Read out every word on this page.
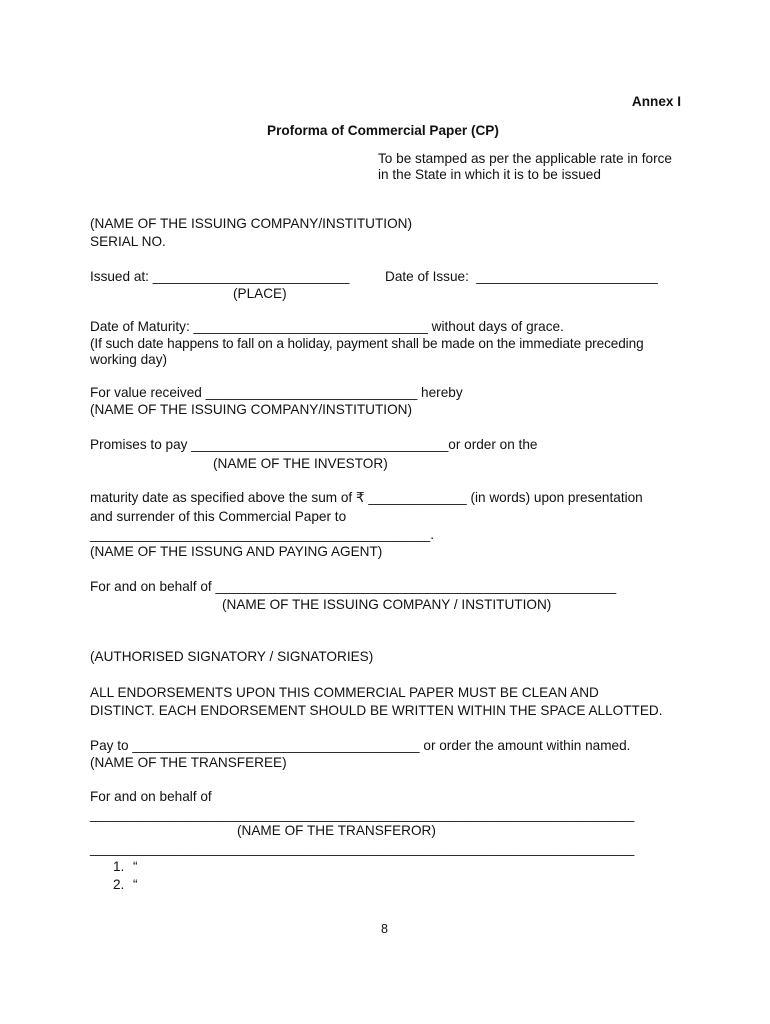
Annex I
Proforma of Commercial Paper (CP)
To be stamped as per the applicable rate in force
in the State in which it is to be issued
(NAME OF THE ISSUING COMPANY/INSTITUTION)
SERIAL NO.
Issued at: __________________________	Date of Issue:  ________________________
(PLACE)
Date of Maturity: _______________________________ without days of grace.
(If such date happens to fall on a holiday, payment shall be made on the immediate preceding
working day)
For value received ____________________________ hereby
(NAME OF THE ISSUING COMPANY/INSTITUTION)
Promises to pay __________________________________or order on the
(NAME OF THE INVESTOR)
maturity date as specified above the sum of ₹ _____________ (in words) upon presentation
and surrender of this Commercial Paper to
_____________________________________________.
(NAME OF THE ISSUNG AND PAYING AGENT)
For and on behalf of _____________________________________________________
(NAME OF THE ISSUING COMPANY / INSTITUTION)
(AUTHORISED SIGNATORY / SIGNATORIES)
ALL ENDORSEMENTS UPON THIS COMMERCIAL PAPER MUST BE CLEAN AND
DISTINCT. EACH ENDORSEMENT SHOULD BE WRITTEN WITHIN THE SPACE ALLOTTED.
Pay to ______________________________________ or order the amount within named.
(NAME OF THE TRANSFEREE)
For and on behalf of
________________________________________________________________________
(NAME OF THE TRANSFEROR)
________________________________________________________________________
1. “
2. “
8
